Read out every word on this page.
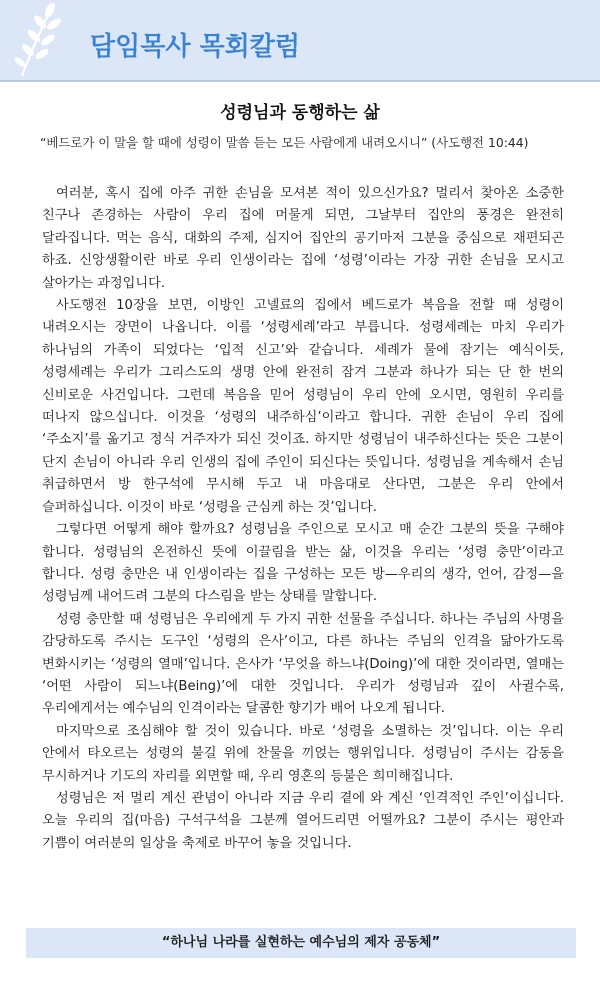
담임목사 목회칼럼
성령님과 동행하는 삶
“베드로가 이 말을 할 때에 성령이 말씀 듣는 모든 사람에게 내려오시니” (사도행전 10:44)

여러분, 혹시 집에 아주 귀한 손님을 모셔본 적이 있으신가요? 멀리서 찾아온 소중한 친구나 존경하는 사람이 우리 집에 머물게 되면, 그날부터 집안의 풍경은 완전히 달라집니다. 먹는 음식, 대화의 주제, 심지어 집안의 공기마저 그분을 중심으로 재편되곤 하죠. 신앙생활이란 바로 우리 인생이라는 집에 ‘성령’이라는 가장 귀한 손님을 모시고 살아가는 과정입니다.

사도행전 10장을 보면, 이방인 고넬료의 집에서 베드로가 복음을 전할 때 성령이 내려오시는 장면이 나옵니다. 이를 ‘성령세례’라고 부릅니다. 성령세례는 마치 우리가 하나님의 가족이 되었다는 ‘입적 신고’와 같습니다. 세례가 물에 잠기는 예식이듯, 성령세례는 우리가 그리스도의 생명 안에 완전히 잠겨 그분과 하나가 되는 단 한 번의 신비로운 사건입니다. 그런데 복음을 믿어 성령님이 우리 안에 오시면, 영원히 우리를 떠나지 않으십니다. 이것을 ‘성령의 내주하심’이라고 합니다. 귀한 손님이 우리 집에 ‘주소지’를 옮기고 정식 거주자가 되신 것이죠. 하지만 성령님이 내주하신다는 뜻은 그분이 단지 손님이 아니라 우리 인생의 집에 주인이 되신다는 뜻입니다. 성령님을 계속해서 손님 취급하면서 방 한구석에 무시해 두고 내 마음대로 산다면, 그분은 우리 안에서 슬퍼하십니다. 이것이 바로 ‘성령을 근심케 하는 것’입니다.

그렇다면 어떻게 해야 할까요? 성령님을 주인으로 모시고 매 순간 그분의 뜻을 구해야 합니다. 성령님의 온전하신 뜻에 이끌림을 받는 삶, 이것을 우리는 ‘성령 충만’이라고 합니다. 성령 충만은 내 인생이라는 집을 구성하는 모든 방—우리의 생각, 언어, 감정—을 성령님께 내어드려 그분의 다스림을 받는 상태를 말합니다.

성령 충만할 때 성령님은 우리에게 두 가지 귀한 선물을 주십니다. 하나는 주님의 사명을 감당하도록 주시는 도구인 ‘성령의 은사’이고, 다른 하나는 주님의 인격을 닮아가도록 변화시키는 ‘성령의 열매’입니다. 은사가 ‘무엇을 하느냐(Doing)’에 대한 것이라면, 열매는 ‘어떤 사람이 되느냐(Being)’에 대한 것입니다. 우리가 성령님과 깊이 사귈수록, 우리에게서는 예수님의 인격이라는 달콤한 향기가 배어 나오게 됩니다.

마지막으로 조심해야 할 것이 있습니다. 바로 ‘성령을 소멸하는 것’입니다. 이는 우리 안에서 타오르는 성령의 불길 위에 찬물을 끼얹는 행위입니다. 성령님이 주시는 감동을 무시하거나 기도의 자리를 외면할 때, 우리 영혼의 등불은 희미해집니다.

성령님은 저 멀리 계신 관념이 아니라 지금 우리 곁에 와 계신 ‘인격적인 주인’이십니다. 오늘 우리의 집(마음) 구석구석을 그분께 열어드리면 어떨까요? 그분이 주시는 평안과 기쁨이 여러분의 일상을 축제로 바꾸어 놓을 것입니다.

“하나님 나라를 실현하는 예수님의 제자 공동체”
